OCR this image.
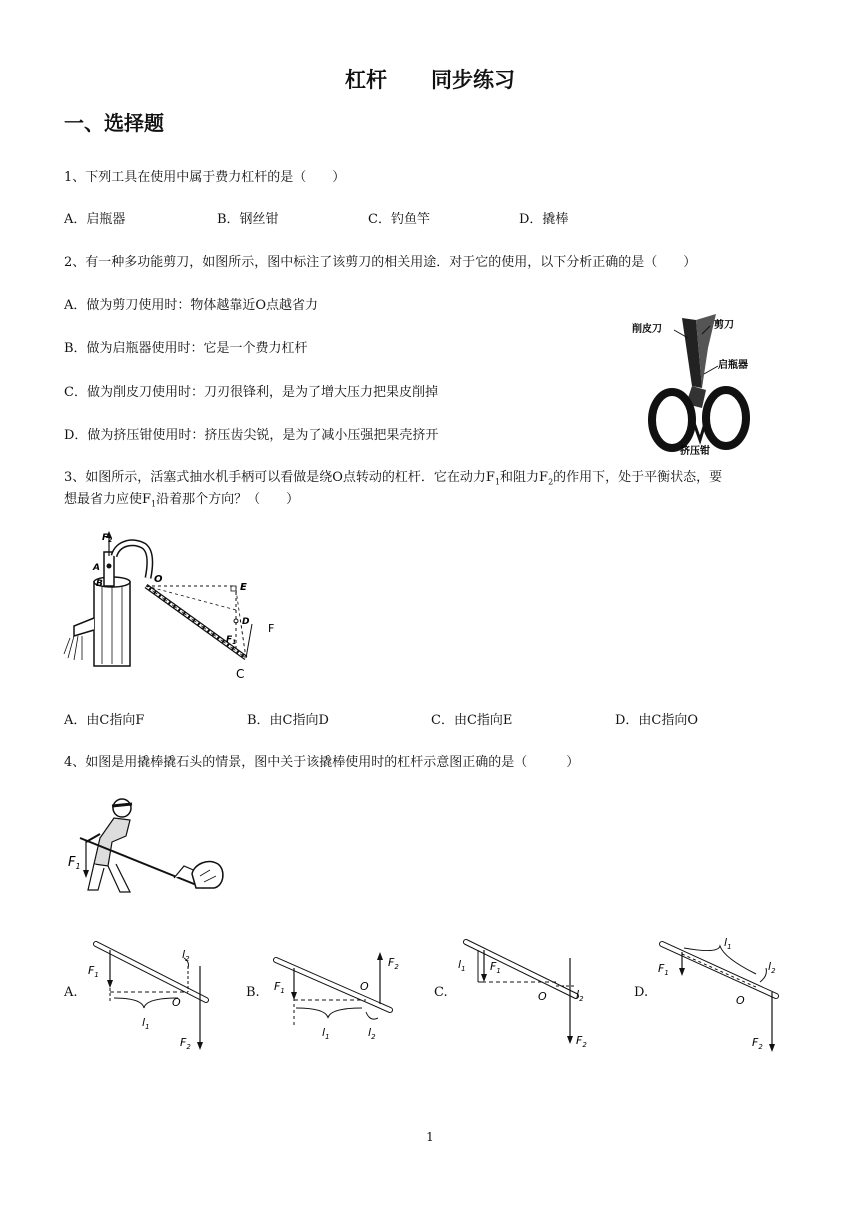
杠杆 同步练习
一、选择题
1、下列工具在使用中属于费力杠杆的是（　　）
A．启瓶器	B．钢丝钳	C．钓鱼竿	D．撬棒
2、有一种多功能剪刀，如图所示，图中标注了该剪刀的相关用途．对于它的使用，以下分析正确的是（　　）
A．做为剪刀使用时：物体越靠近O点越省力
B．做为启瓶器使用时：它是一个费力杠杆
C．做为削皮刀使用时：刀刃很锋利，是为了增大压力把果皮削掉
D．做为挤压钳使用时：挤压齿尖锐，是为了减小压强把果壳挤开
削皮刀	剪刀
启瓶器
挤压钳
3、如图所示，活塞式抽水机手柄可以看做是绕O点转动的杠杆．它在动力$F_1$和阻力$F_2$的作用下，处于平衡状态，要
想最省力应使$F_1$沿着那个方向？（　　）
$F_2$
A
B	O
E
D F
$F_1$
C
A．由C指向F	B．由C指向D	C．由C指向E	D．由C指向O
4、如图是用撬棒撬石头的情景，图中关于该撬棒使用时的杠杆示意图正确的是（　　　）
$F_1$
A.
$F_1$
$l_2$
O
$l_1$
$F_2$
B. $F_1$
$F_2$
O
$l_1$	$l_2$
C.
$l_1$ $F_1$
O	$l_2$
$F_2$
D.
$F_1$
$l_1$
$l_2$
O
$F_2$
1
